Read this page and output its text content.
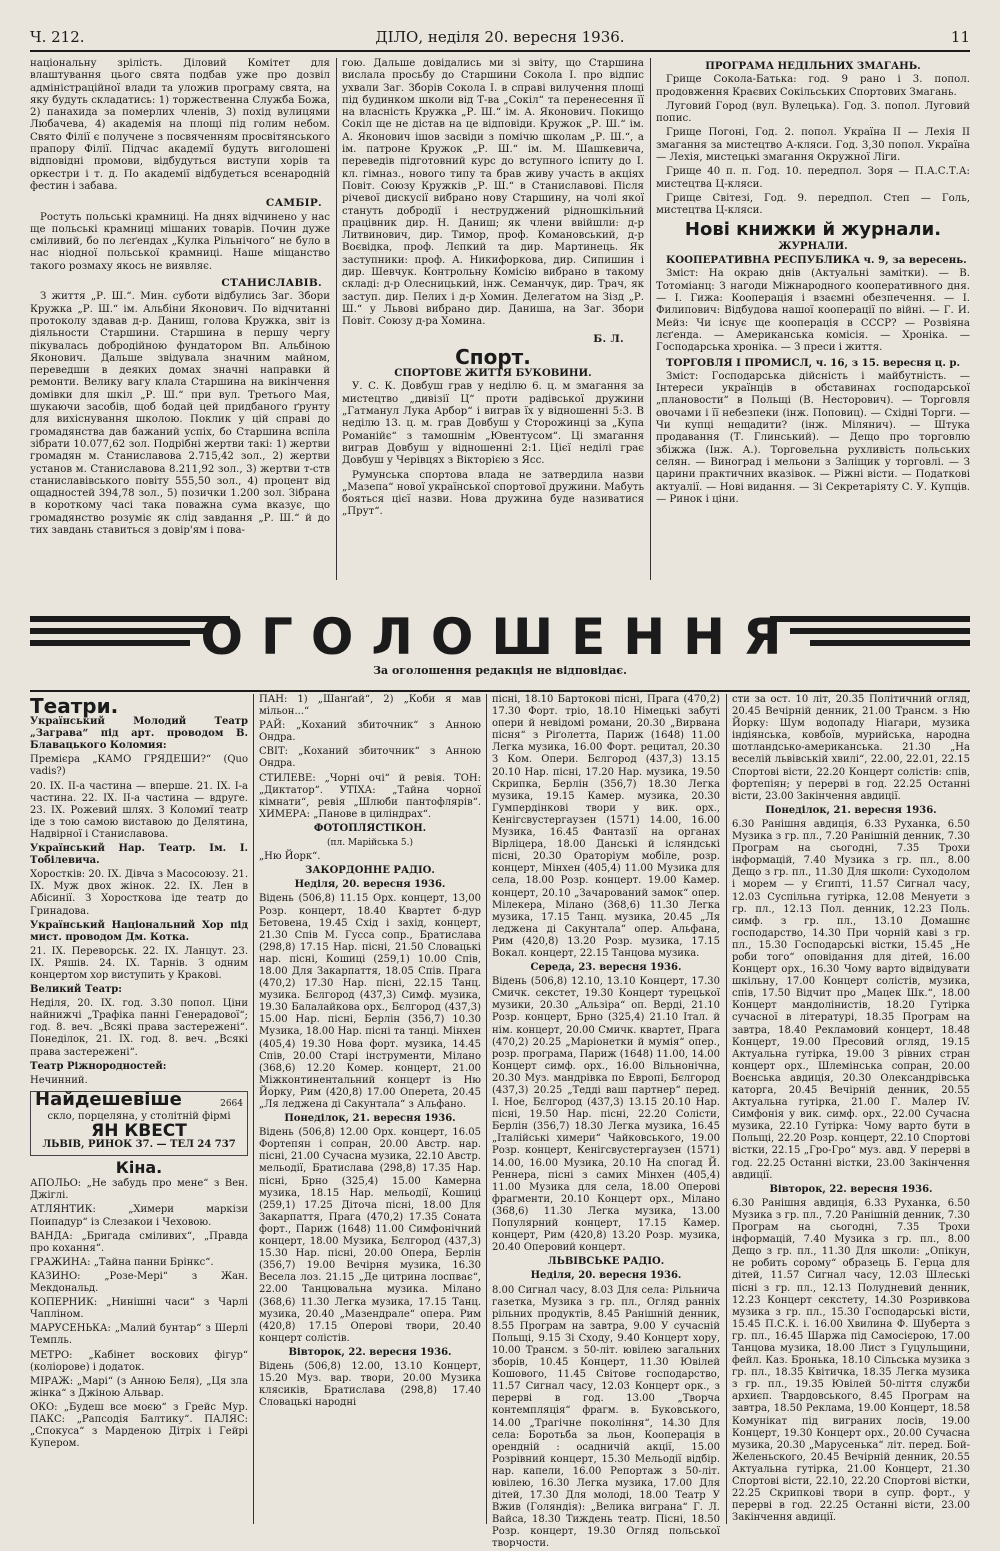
Ч. 212.	ДІЛО, неділя 20. вересня 1936.	11

національну зрілість. Діловий Комітет для влаштування цього свята подбав уже про дозвіл адміністраційної влади та уложив програму свята, на яку будуть складатись: 1) торжественна Служба Божа, 2) панахида за померлих членів, 3) похід вулицями Любачева, 4) академія на площі під голим небом. Свято Філії є получене з посвяченням просвітянського прапору Філії. Підчас академії будуть виголошені відповідні промови, відбудуться виступи хорів та оркестри і т. д. По академії відбудеться всенародній фестин і забава.

САМБІР.

Ростуть польські крамниці. На днях відчинено у нас ще польські крамниці мішаних товарів. Почин дуже сміливий, бо по лєґендах „Кулка Рільнічого“ не було в нас ніодної польської крамниці. Наше міщанство такого розмаху якось не виявляє.

СТАНИСЛАВІВ.

З життя „Р. Ш.“. Мин. суботи відбулись Заг. Збори Кружка „Р. Ш.“ ім. Альбіни Яконович. По відчитанні протоколу здавав д-р. Даниш, голова Кружка, звіт із діяльности Старшини. Старшина в першу чергу пікувалась добродійною фундатором Вп. Альбіною Яконович. Дальше звідувала значним майном, переведши в деяких домах значні направки й ремонти. Велику вагу клала Старшина на викінчення домівки для шкіл „Р. Ш.“ при вул. Третього Мая, шукаючи засобів, щоб бодай цей придбаного ґрунту для вихіснування школою. Поклик у цій справі до громадянства дав бажаний успіх, бо Старшина вспіла зібрати 10.077,62 зол. Подрібні жертви такі: 1) жертви громадян м. Станиславова 2.715,42 зол., 2) жертви установ м. Станиславова 8.211,92 зол., 3) жертви т-ств станиславівського повіту 555,50 зол., 4) процент від ощадностей 394,78 зол., 5) позички 1.200 зол. Зібрана в короткому часі така поважна сума вказує, що громадянство розуміє як слід завдання „Р. Ш.“ й до тих завдань ставиться з довір'ям і пова-

гою. Дальше довідались ми зі звіту, що Старшина вислала просьбу до Старшини Сокола І. про відпис ухвали Заг. Зборів Сокола І. в справі вилучення площі під будинком школи від Т-ва „Сокіл“ та перенесення її на власність Кружка „Р. Ш.“ ім. А. Яконович. Покищо Сокіл ще не дістав на це відповіди. Кружок „Р. Ш.“ ім. А. Яконович ішов засвіди з помічю школам „Р. Ш.“, а ім. патроне Кружок „Р. Ш.“ ім. М. Шашкевича, переведів підготовний курс до вступного іспиту до І. кл. гімназ., нового типу та брав живу участь в акціях Повіт. Союзу Кружків „Р. Ш.“ в Станиславові. Після річевої дискусії вибрано нову Старшину, на чолі якої стануть добродії і неструджений рідношкільний працівник дир. Н. Даниш; як члени ввійшли: д-р Литвинович, дир. Тимор, проф. Комановський, д-р Воєвідка, проф. Лєпкий та дир. Мартинець. Як заступники: проф. А. Никифоркова, дир. Сипишин і дир. Шевчук. Контрольну Комісію вибрано в такому складі: д-р Олесницький, інж. Семанчук, дир. Трач, як заступ. дир. Пелих і д-р Хомин. Делегатом на Зізд „Р. Ш.“ у Львові вибрано дир. Даниша, на Заг. Збори Повіт. Союзу д-ра Хомина.

Б. Л.
Спорт.
СПОРТОВЕ ЖИТТЯ БУКОВИНИ.

У. С. К. Довбуш грав у неділю 6. ц. м змагання за мистецтво „дивізії Ц“ проти радівської дружини „Гатманул Лука Арбор“ і виграв їх у відношенні 5:3. В неділю 13. ц. м. грав Довбуш у Сторожинці за „Купа Романійє“ з тамошнім „Ювентусом“. Ці змагання виграв Довбуш у відношенні 2:1. Цієї неділі грає Довбуш у Черівцях з Вікторією з Ясс.

Румунська спортова влада не затвердила назви „Мазепа“ нової української спортової дружини. Мабуть бояться цієї назви. Нова дружина буде називатися „Прут“.

ПРОГРАМА НЕДІЛЬНИХ ЗМАГАНЬ.

Грище Сокола-Батька: год. 9 рано і 3. попол. продовження Краєвих Сокільських Спортових Змагань.

Луговий Город (вул. Вулецька). Год. 3. попол. Луговий попис.

Грище Погоні, Год. 2. попол. Україна ІІ — Лехія ІІ змагання за мистецтво А-кляси. Год. 3,30 попол. Україна — Лехія, мистецькі змагання Окружної Ліги.

Грище 40 п. п. Год. 10. передпол. Зоря — П.А.С.Т.А: мистецтва Ц-кляси.

Грище Світезі, Год. 9. передпол. Степ — Голь, мистецтва Ц-кляси.

Нові книжки й журнали.
ЖУРНАЛИ.

КООПЕРАТИВНА РЕСПУБЛИКА ч. 9, за вересень.

Зміст: На окраю днів (Актуальні замітки). — В. Тотоміанц: З нагоди Міжнародного кооперативного дня. — І. Гижа: Кооперація і взаємні обезпечення. — І. Филипович: Відбудова нашої кооперації по війні. — Г. И. Мейз: Чи існує ще кооперація в СССР? — Розвіяна лєґенда. — Американська комісія. — Хроніка. — Господарська хроніка. — З преси і життя.

ТОРГОВЛЯ І ПРОМИСЛ, ч. 16, з 15. вересня ц. р.

Зміст: Господарська дійсність і майбутність. — Інтереси українців в обставинах господарської „плановости“ в Польщі (В. Несторович). — Торговля овочами і її небезпеки (інж. Поповиц). — Східні Торги. — Чи купці нещадити? (інж. Мілянич). — Штука продавання (Т. Глинський). — Дещо про торговлю збіжжа (Інж. А.). Торговельна рухливість польських селян. — Виноград і мельони з Заліщик у торговлі. — З царини практичних вказівок. — Ріжні вісти. — Податкові актуалії. — Нові видання. — Зі Секретаріяту С. У. Купців. — Ринок і ціни.

ОГОЛОШЕННЯ
За оголошення редакція не відповідає.
Театри.

Український Молодий Театр „Заграва“ під арт. проводом В. Блавацького Коломия:

Премієра „КАМО ГРЯДЕШИ?“ (Quo vadis?)

20. ІХ. ІІ-а частина — вперше. 21. ІХ. І-а частина. 22. ІХ. ІІ-а частина — вдруге. 23. ІХ. Рожевий шлях. З Коломиї театр іде з тою самою виставою до Делятина, Надвірної і Станиславова.

Український Нар. Театр. Ім. І. Тобілевича.

Хоростків: 20. ІХ. Дівча з Масосоюзу. 21. ІХ. Муж двох жінок. 22. ІХ. Лен в Абісинії. З Хоросткова іде театр до Гринадова.

Український Національний Хор під мист. проводом Дм. Котка.

21. ІХ. Переворськ. 22. ІХ. Ланцут. 23. ІХ. Ряшів. 24. ІХ. Тарнів. З одним концертом хор виступить у Кракові.

Великий Театр:

Неділя, 20. ІХ. год. 3.30 попол. Ціни найнижчі „Трафіка панні Генерадової“; год. 8. веч. „Всякі права застережені“. Понеділок, 21. ІХ. год. 8. веч. „Всякі права застережені“.

Театр Ріжнородностей:

Нечинний.

Найдешевіше	2664
скло, порцеляна, у столітній фірмі
ЯН КВЕСТ
ЛЬВІВ, РИНОК 37. — ТЕЛ 24 737
Кіна.

АПОЛЬО: „Не забудь про мене“ з Вен. Джіглі.

АТЛЯНТИК: „Химери маркізи Поипадур“ із Слезакои і Чеховою.

ВАНДА: „Бригада сміливих“, „Правда про кохання“.

ГРАЖИНА: „Тайна панни Брінкс“.

КАЗИНО: „Розе-Мері“ з Жан. Мекдональд.

КОПЕРНИК: „Нинішні часи“ з Чарлі Чапліном.

МАРУСЕНЬКА: „Малий бунтар“ з Шерлі Темпль.

МЕТРО: „Кабінет воскових фігур“ (коліорове) і додаток.

МІРАЖ: „Марі“ (з Анною Беля), „Ця зла жінка“ з Джіною Альвар.

ОКО: „Будеш все моєю“ з Грейс Мур. ПАКС: „Рапсодія Балтику“. ПАЛЯС: „Спокуса“ з Марденою Дітріх і Гейрі Купером.

ПАН: 1) „Шанґай“, 2) „Коби я мав мільон...“

РАЙ: „Коханий збиточник“ з Анною Ондра.

СВІТ: „Коханий збиточник“ з Анною Ондра.

СТИЛЕВЕ: „Чорні очі“ й ревія. ТОН: „Диктатор“. УТІХА: „Тайна чорної кімнати“, ревія „Шлюби пантофлярів“. ХИМЕРА: „Панове в циліндрах“.

ФОТОПЛЯСТІКОН.
(пл. Марійська 5.)

„Ню Йорк“.

ЗАКОРДОННЕ РАДІО.
Неділя, 20. вересня 1936.

Відень (506,8) 11.15 Орх. концерт, 13,00 Розр. концерт, 18.40 Квартет б-дур Бетовена, 19.45 Схід і захід, концерт, 21.30 Спів М. Гусса сопр., Братислава (298,8) 17.15 Нар. пісні, 21.50 Словацькі нар. пісні, Кошиці (259,1) 10.00 Спів, 18.00 Для Закарпаття, 18.05 Спів. Прага (470,2) 17.30 Нар. пісні, 22.15 Танц. музика. Бєлгород (437,3) Симф. музика, 19.30 Балалайкова орх., Бєлгород (437,3) 15.00 Нар. пісні, Берлін (356,7) 10.30 Музика, 18.00 Нар. пісні та танці. Мінхен (405,4) 19.30 Нова форт. музика, 14.45 Спів, 20.00 Старі інструменти, Мілано (368,6) 12.20 Кoмер. концерт, 21.00 Міжконтинентальний концерт із Ню Йорку, Рим (420,8) 17.00 Оперета, 20.45 „Ля леджена ді Сакунтала“ з Альфано.

Понеділок, 21. вересня 1936.

Відень (506,8) 12.00 Орх. концерт, 16.05 Фортепян і сопран, 20.00 Австр. нар. пісні, 21.00 Сучасна музика, 22.10 Австр. мельодії, Братислава (298,8) 17.35 Нар. пісні, Брно (325,4) 15.00 Камерна музика, 18.15 Нар. мельодії, Кошиці (259,1) 17.25 Діточа пісні, 18.00 Для Закарпаття, Прага (470,2) 17.35 Соната форт., Париж (1648) 11.00 Симфонічний концерт, 18.00 Музика, Бєлгород (437,3) 15.30 Нар. пісні, 20.00 Опера, Берлін (356,7) 19.00 Вечірня музика, 16.30 Весела лоз. 21.15 „Де цитрина лоспває“, 22.00 Танцювальна музика. Мілано (368,6) 11.30 Легка музика, 17.15 Танц. музика, 20.40 „Мазендрале“ опера. Рим (420,8) 17.15 Оперові твори, 20.40 концерт солістів.

Вівторок, 22. вересня 1936.

Відень (506,8) 12.00, 13.10 Концерт, 15.20 Муз. вар. твори, 20.00 Музика клясиків, Братислава (298,8) 17.40 Словацькі народні

пісні, 18.10 Бартокові пісні, Прага (470,2) 17.30 Форт. тріо, 18.10 Німецькі забуті опери й невідомі романи, 20.30 „Вирвана пісня“ з Ріґолетта, Париж (1648) 11.00 Легка музика, 16.00 Форт. рецитал, 20.30 З Ком. Опери. Бєлгород (437,3) 13.15 20.10 Нар. пісні, 17.20 Нар. музика, 19.50 Скрипка, Берлін (356,7) 18.30 Легка музика, 19.15 Камер. музика, 20.30 Гумпердінкові твори у вик. орх., Кенігсвустергаузен (1571) 14.00, 16.00 Музика, 16.45 Фантазії на органах Вірліцера, 18.00 Данські й ісляндські пісні, 20.30 Ораторіум мобіле, розр. концерт, Мінхен (405,4) 11.00 Музика для села, 18.00 Розр. концерт. 19.00 Камер. концерт, 20.10 „Зачарований замок“ опер. Мілекера, Мілано (368,6) 11.30 Легка музика, 17.15 Танц. музика, 20.45 „Ля леджена ді Сакунтала“ опер. Альфана, Рим (420,8) 13.20 Розр. музика, 17.15 Вокал. концерт, 22.15 Танцова музика.

Середа, 23. вересня 1936.

Відень (506,8) 12.10, 13.10 Концерт, 17.30 Смичк. секстет, 19.30 Концерт турецької музики, 20.30 „Альзіра“ оп. Верді, 21.10 Розр. концерт, Брно (325,4) 21.10 Італ. й нім. концерт, 20.00 Смичк. квартет, Прага (470,2) 20.25 „Маріонетки й мумія“ опер., розр. програма, Париж (1648) 11.00, 14.00 Концерт симф. орх., 16.00 Вільнонічна, 20.30 Муз. мандрівка по Европі, Бєлгород (437,3) 20.25 „Тедді ваш партнер“ перед. І. Ное, Бєлгород (437,3) 13.15 20.10 Нар. пісні, 19.50 Нар. пісні, 22.20 Солісти, Берлін (356,7) 18.30 Легка музика, 16.45 „Італійські химери“ Чайковського, 19.00 Розр. концерт, Кенігсвустергаузен (1571) 14.00, 16.00 Музика, 20.10 На спогад Й. Реннера, пісні з самих Мінхен (405,4) 11.00 Музика для села, 18.00 Оперові фрагменти, 20.10 Концерт орх., Мілано (368,6) 11.30 Легка музика, 13.00 Популярний концерт, 17.15 Камер. концерт, Рим (420,8) 13.20 Розр. музика, 20.40 Оперовий концерт.

ЛЬВІВСЬКЕ РАДІО.
Неділя, 20. вересня 1936.

8.00 Сигнал часу, 8.03 Для села: Рільнича газетка, Музика з гр. пл., Огляд ранніх рільних продуктів, 8.45 Ранішній денник, 8.55 Програм на завтра, 9.00 У сучасній Польщі, 9.15 Зі Сходу, 9.40 Концерт хору, 10.00 Трансм. з 50-літ. ювілею загальних зборів, 10.45 Концерт, 11.30 Ювілей Кошового, 11.45 Світове господарство, 11.57 Сигнал часу, 12.03 Концерт орк., з перерві в год. 13.00 „Творча контемпляція“ фрагм. в. Буковського, 14.00 „Трагічне покоління“, 14.30 Для села: Боротьба за льон, Кооперація в орендній : осадничій акції, 15.00 Розрівний концерт, 15.30 Мельодії відбір. нар. капели, 16.00 Репортаж з 50-літ. ювілею, 16.30 Легка музика, 17.00 Для дітей, 17.30 Для молоді, 18.00 Театр У Вжив (Голяндія): „Велика виграна“ Г. Л. Вайса, 18.30 Тиждень театр. Пісні, 18.50 Розр. концерт, 19.30 Огляд польської творчости.

сти за ост. 10 літ, 20.35 Політичний огляд, 20.45 Вечірній денник, 21.00 Трансм. з Ню Йорку: Шум водопаду Ніагари, музика індіянська, ковбоїв, мурийська, народна шотландсько-американська. 21.30 „На веселій львівській хвилі“, 22.00, 22.01, 22.15 Спортові вісти, 22.20 Концерт солістів: спів, фортепіян; у перерві в год. 22.25 Останні вісти, 23.00 Закінчення авдиції.

Понеділок, 21. вересня 1936.

6.30 Ранішня авдиція, 6.33 Руханка, 6.50 Музика з гр. пл., 7.20 Ранішній денник, 7.30 Програм на сьогодні, 7.35 Трохи інформацій, 7.40 Музика з гр. пл., 8.00 Дещо з гр. пл., 11.30 Для школи: Суходолом і морем — у Єгипті, 11.57 Сигнал часу, 12.03 Суспільна гутірка, 12.08 Менуети з гр. пл., 12.13 Пол. денник, 12.23 Поль. симф. з гр. пл., 13.10 Домашнє господарство, 14.30 При чорній каві з гр. пл., 15.30 Господарські вістки, 15.45 „Не роби того“ оповідання для дітей, 16.00 Концерт орх., 16.30 Чому варто відвідувати шкільну, 17.00 Концерт солістів, музика, спів, 17.50 Відчит про „Мацек Шк.“, 18.00 Концерт мандолінистів, 18.20 Гутірка сучасної в літературі, 18.35 Програм на завтра, 18.40 Рекламовий концерт, 18.48 Концерт, 19.00 Пресовий огляд, 19.15 Актуальна гутірка, 19.00 З рівних стран концерт орх., Шлемінська сопран, 20.00 Воєнська авдиція, 20.30 Олександрівська каторга, 20.45 Вечірній денник, 20.55 Актуальна гутірка, 21.00 Г. Малер IV. Симфонія у вик. симф. орх., 22.00 Сучасна музика, 22.10 Гутірка: Чому варто бути в Польщі, 22.20 Розр. концерт, 22.10 Спортові вістки, 22.15 „Гро-Гро“ муз. авд. У перерві в год. 22.25 Останні вістки, 23.00 Закінчення авдиції.

Вівторок, 22. вересня 1936.

6.30 Ранішня авдиція, 6.33 Руханка, 6.50 Музика з гр. пл., 7.20 Ранішній денник, 7.30 Програм на сьогодні, 7.35 Трохи інформацій, 7.40 Музика з гр. пл., 8.00 Дещо з гр. пл., 11.30 Для школи: „Опікун, не робить сорому“ образець Б. Герца для дітей, 11.57 Сигнал часу, 12.03 Шлеські пісні з гр. пл., 12.13 Полудневий денник, 12.23 Концерт секстету, 14.30 Розривкова музика з гр. пл., 15.30 Господарські вісти, 15.45 П.С.К. і. 16.00 Хвилина Ф. Шуберта з гр. пл., 16.45 Шаржа під Самосієрою, 17.00 Танцова музика, 18.00 Лист з Гуцульщини, фейл. Каз. Бронька, 18.10 Сільська музика з гр. пл., 18.35 Квітичка, 18.35 Легка музика з гр. пл., 19.35 Ювілей 50-ліття служби архиєп. Твардовського, 8.45 Програм на завтра, 18.50 Реклама, 19.00 Концерт, 18.58 Комунікат під виграних лосів, 19.00 Концерт, 19.30 Концерт орх., 20.00 Сучасна музика, 20.30 „Марусенька“ літ. перед. Бой-Желеньского, 20.45 Вечірній денник, 20.55 Актуальна гутірка, 21.00 Концерт, 21.30 Спортові вісти, 22.10, 22.20 Спортові вістки, 22.25 Скрипкові твори в супр. форт., у перерві в год. 22.25 Останні вісти, 23.00 Закінчення авдиції.
